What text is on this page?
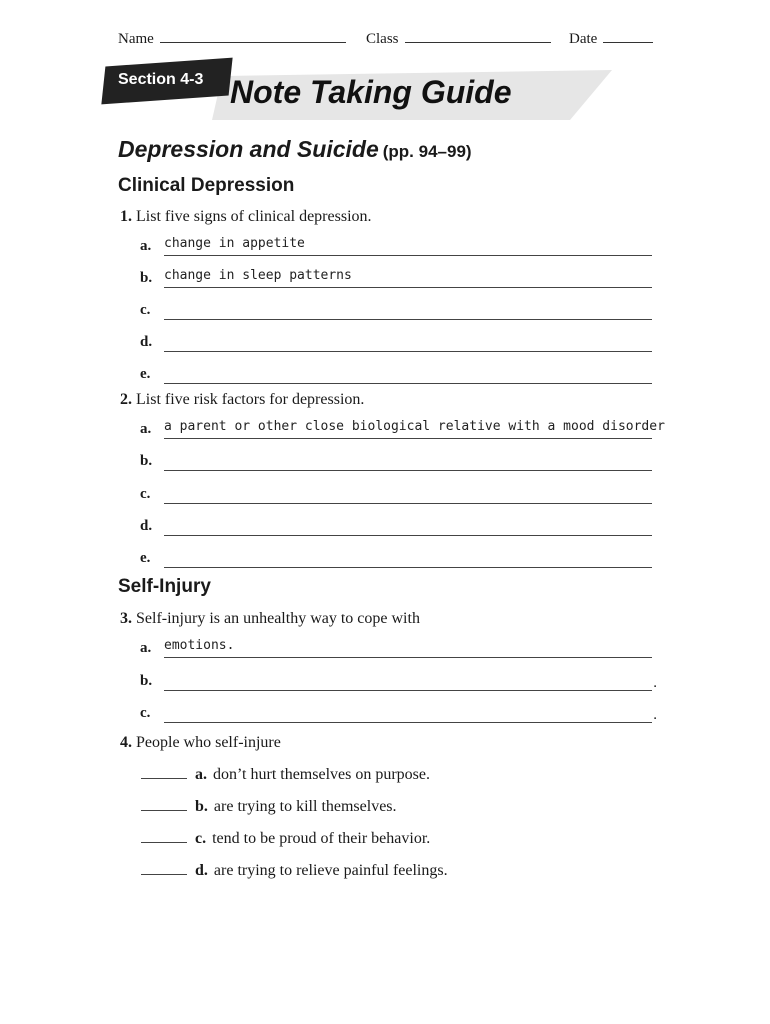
Name	Class	Date
Section 4-3 Note Taking Guide
Depression and Suicide (pp. 94–99)
Clinical Depression
1. List five signs of clinical depression.
a. change in appetite
b. change in sleep patterns
c.
d.
e.
2. List five risk factors for depression.
a. a parent or other close biological relative with a mood disorder
b.
c.
d.
e.
Self-Injury
3. Self-injury is an unhealthy way to cope with
a. emotions.
b.	.
c.	.
4. People who self-injure
a. don’t hurt themselves on purpose.
b. are trying to kill themselves.
c. tend to be proud of their behavior.
d. are trying to relieve painful feelings.
